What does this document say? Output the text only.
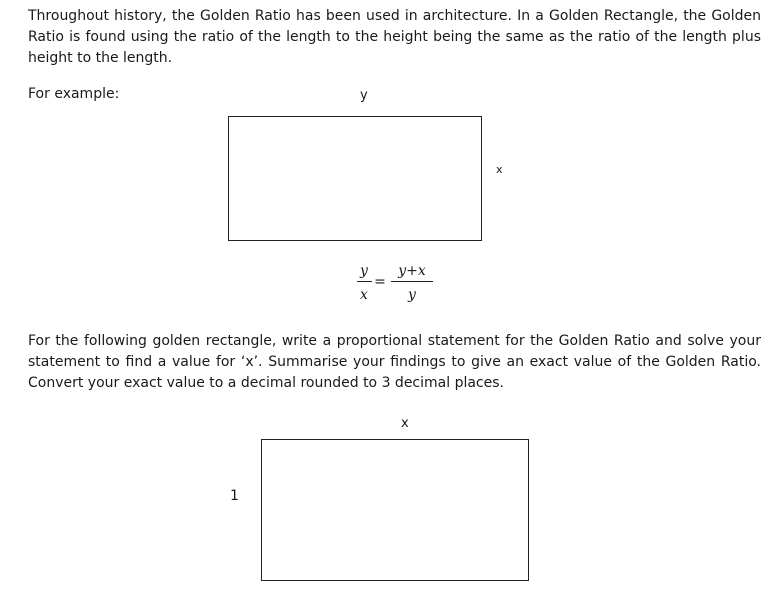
Throughout history, the Golden Ratio has been used in architecture. In a Golden Rectangle, the Golden Ratio is found using the ratio of the length to the height being the same as the ratio of the length plus height to the length.

For example:	y
x
y
x
=
y+x
y

For the following golden rectangle, write a proportional statement for the Golden Ratio and solve your statement to find a value for ‘x’. Summarise your findings to give an exact value of the Golden Ratio. Convert your exact value to a decimal rounded to 3 decimal places.

x
1
